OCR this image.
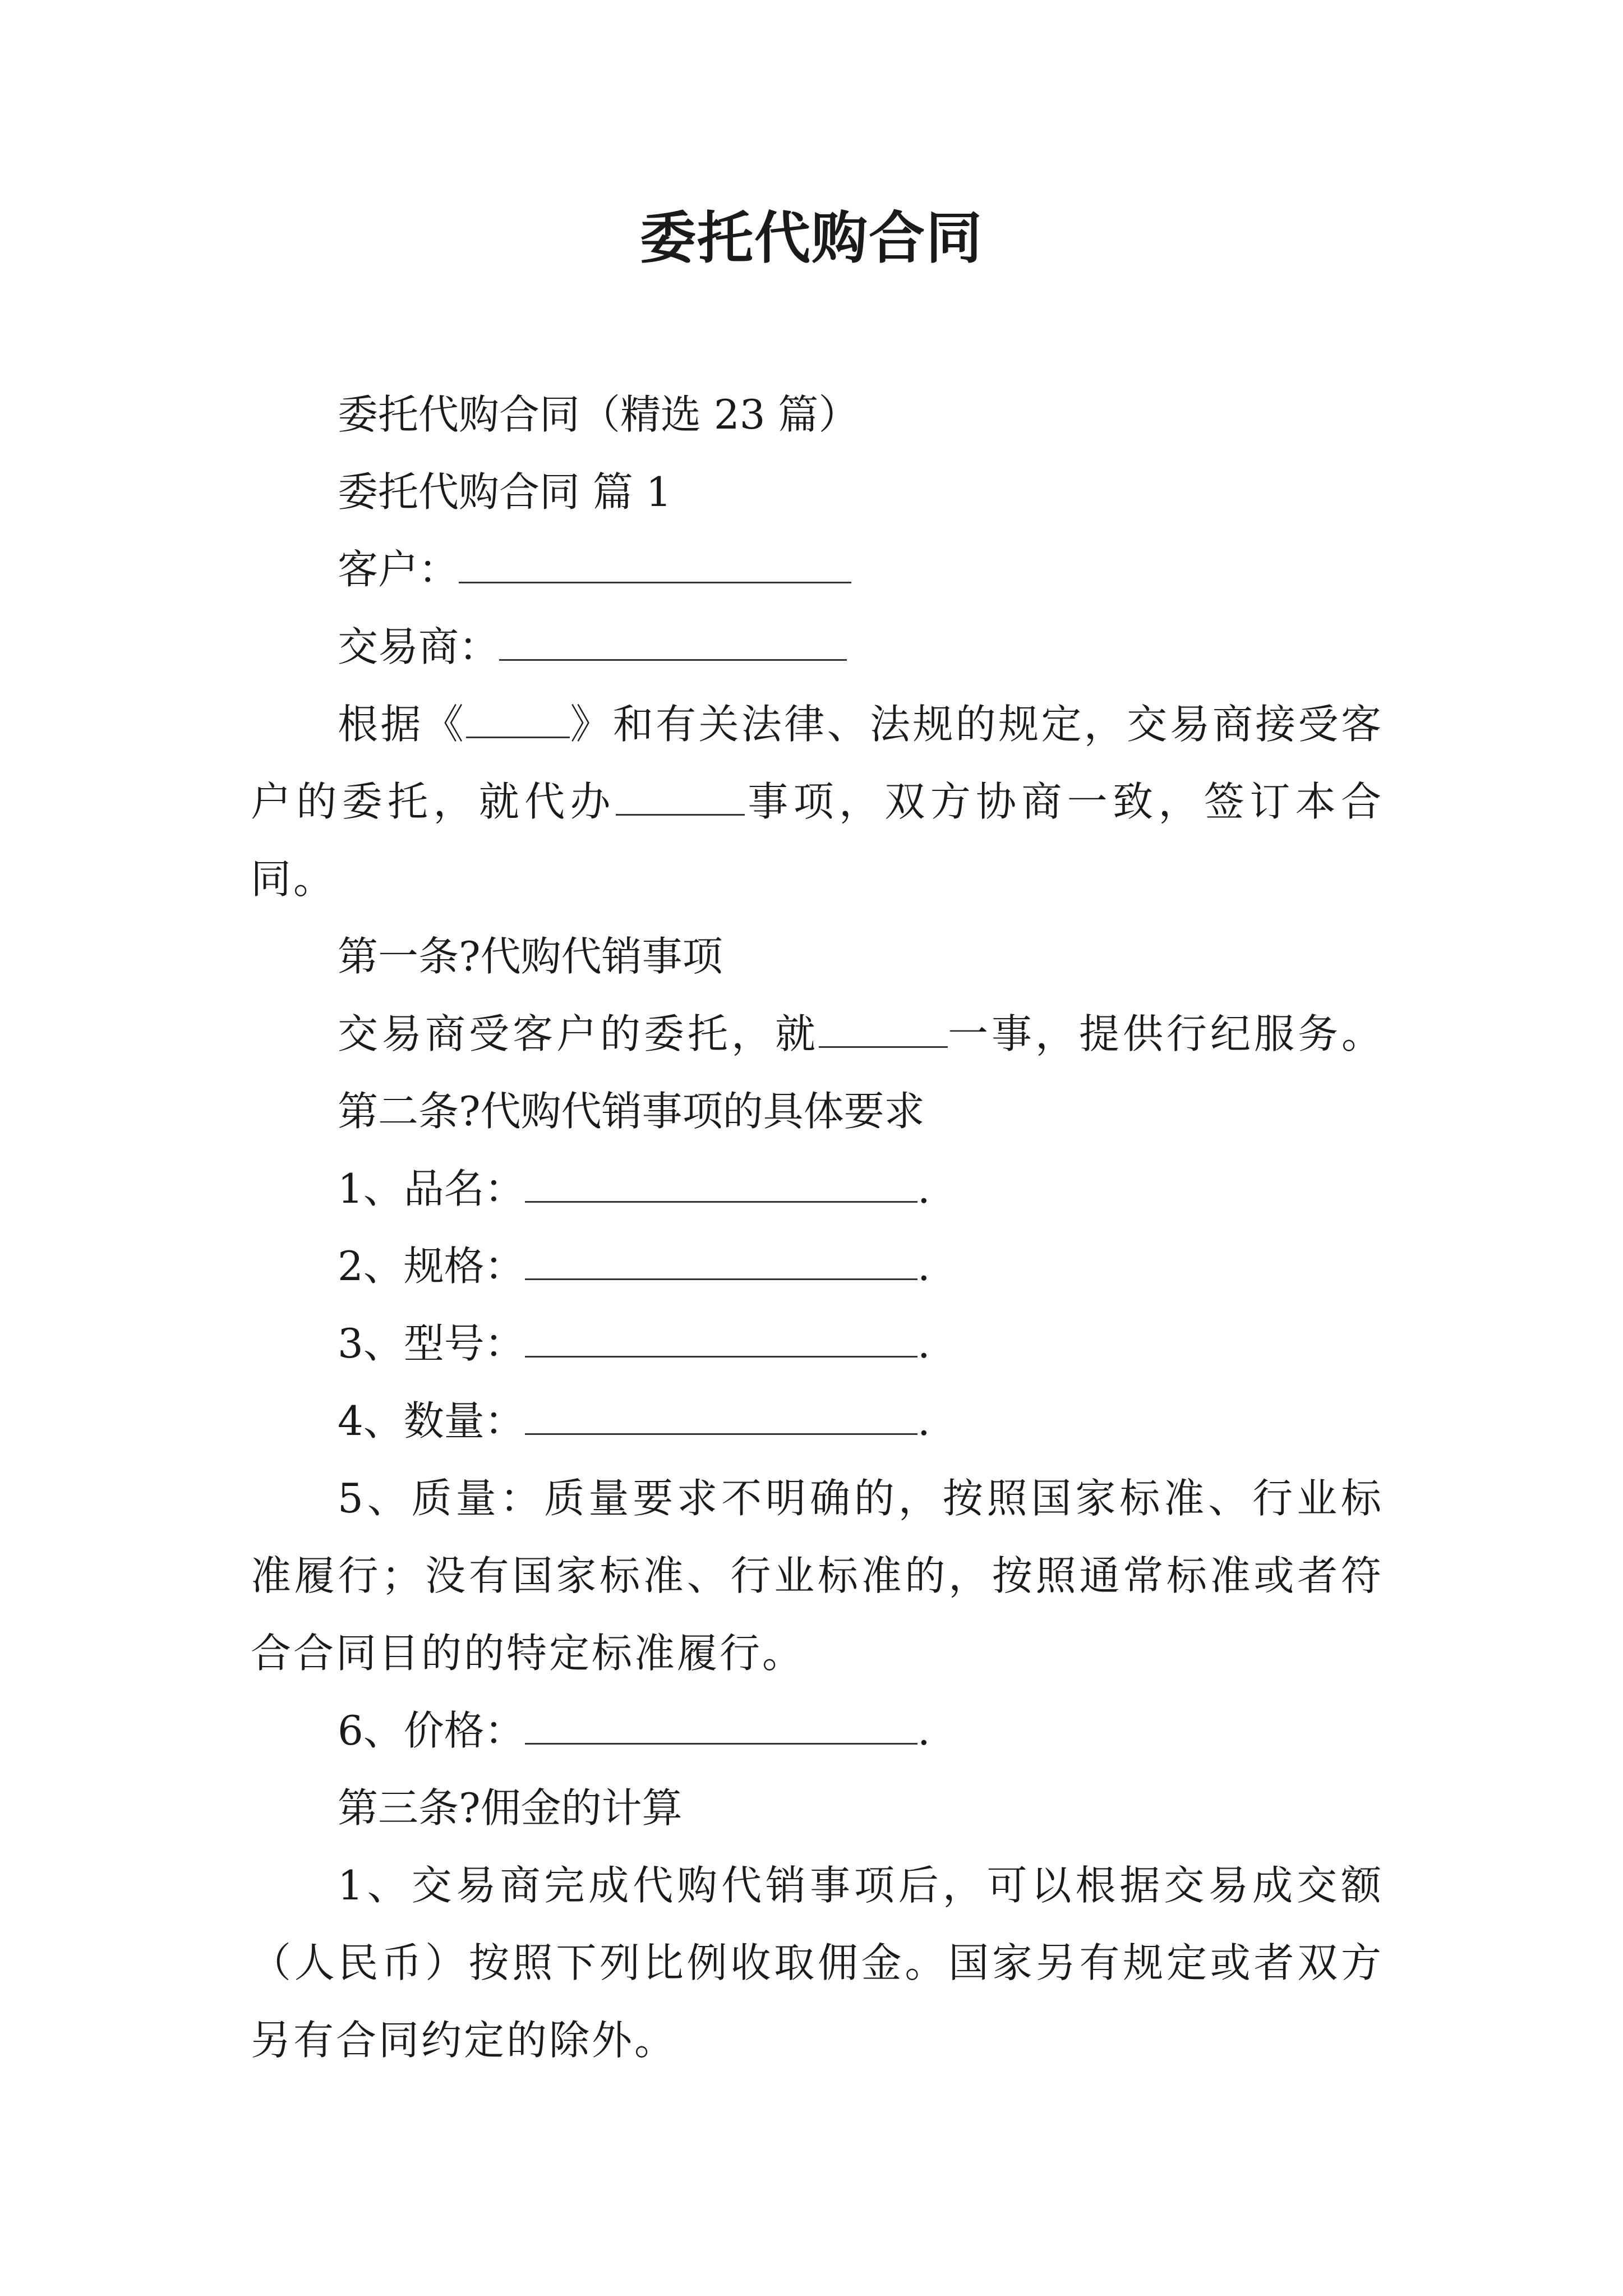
委托代购合同

委托代购合同（精选 23 篇）

委托代购合同 篇 1

客户：

交易商：

根据《	》和有关法律、法规的规定，交易商接受客户的委托，就代办	事项，双方协商一致，签订本合同。

第一条?代购代销事项

交易商受客户的委托，就	一事，提供行纪服务。

第二条?代购代销事项的具体要求

1、品名：	.

2、规格：	.

3、型号：	.

4、数量：	.

5、质量：质量要求不明确的，按照国家标准、行业标准履行；没有国家标准、行业标准的，按照通常标准或者符合合同目的的特定标准履行。

6、价格：	.

第三条?佣金的计算

1、交易商完成代购代销事项后，可以根据交易成交额（人民币）按照下列比例收取佣金。国家另有规定或者双方另有合同约定的除外。
